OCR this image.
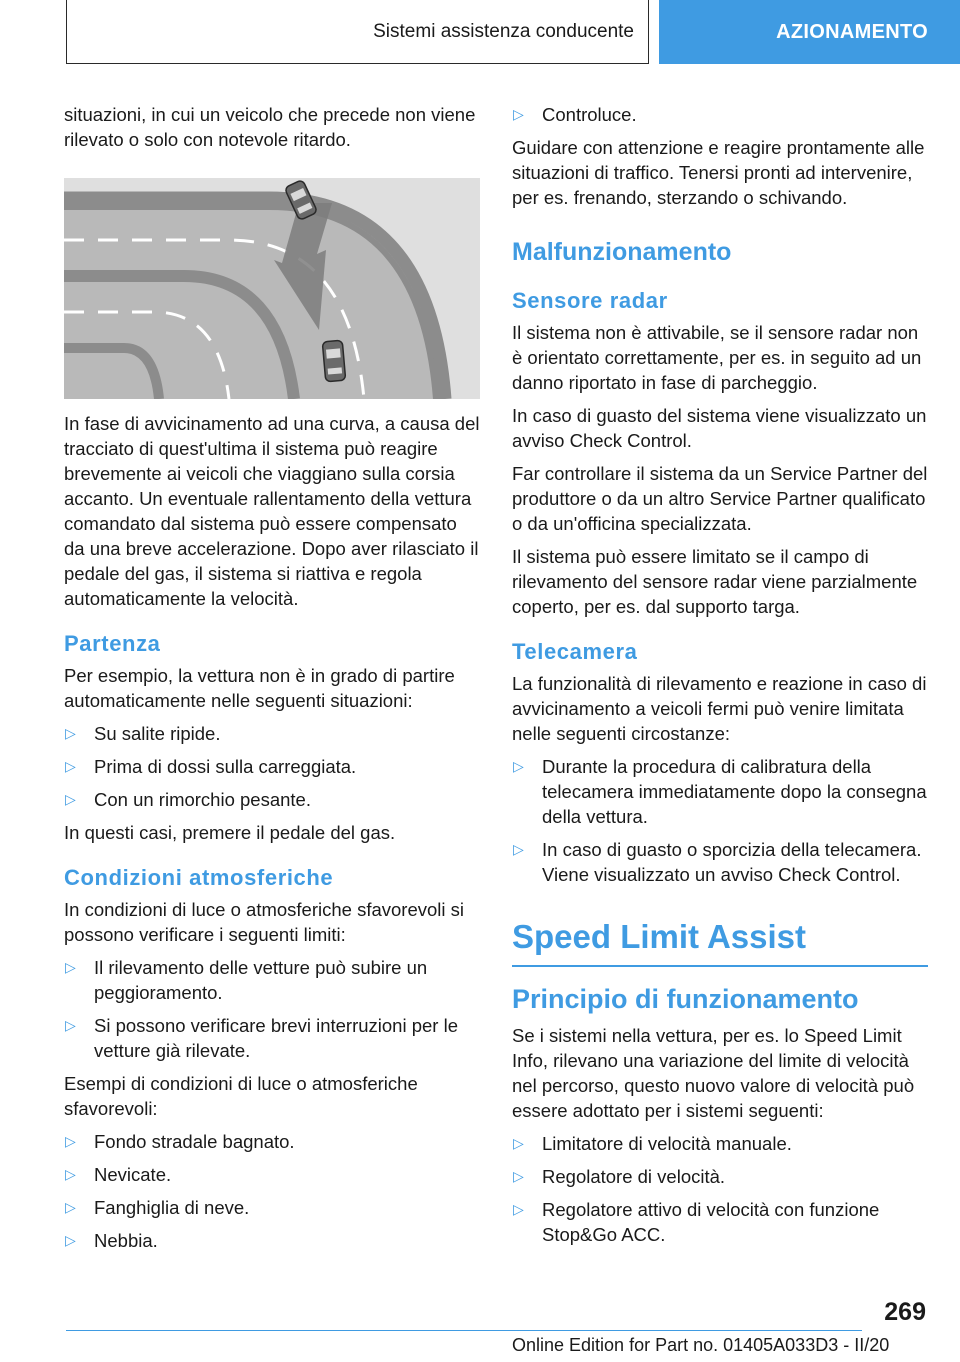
Sistemi assistenza conducente	AZIONAMENTO

situazioni, in cui un veicolo che precede non viene rilevato o solo con notevole ritardo.

In fase di avvicinamento ad una curva, a causa del tracciato di quest'ultima il sistema può reagire brevemente ai veicoli che viaggiano sulla corsia accanto. Un eventuale rallentamento della vettura comandato dal sistema può essere compensato da una breve accelerazione. Dopo aver rilasciato il pedale del gas, il sistema si riattiva e regola automaticamente la velocità.

Partenza

Per esempio, la vettura non è in grado di partire automaticamente nelle seguenti situazioni:

▷ Su salite ripide.
▷ Prima di dossi sulla carreggiata.
▷ Con un rimorchio pesante.

In questi casi, premere il pedale del gas.

Condizioni atmosferiche

In condizioni di luce o atmosferiche sfavorevoli si possono verificare i seguenti limiti:

▷ Il rilevamento delle vetture può subire un peggioramento.
▷ Si possono verificare brevi interruzioni per le vetture già rilevate.

Esempi di condizioni di luce o atmosferiche sfavorevoli:

▷ Fondo stradale bagnato.
▷ Nevicate.
▷ Fanghiglia di neve.
▷ Nebbia.
▷ Controluce.

Guidare con attenzione e reagire prontamente alle situazioni di traffico. Tenersi pronti ad intervenire, per es. frenando, sterzando o schivando.

Malfunzionamento
Sensore radar

Il sistema non è attivabile, se il sensore radar non è orientato correttamente, per es. in seguito ad un danno riportato in fase di parcheggio.

In caso di guasto del sistema viene visualizzato un avviso Check Control.

Far controllare il sistema da un Service Partner del produttore o da un altro Service Partner qualificato o da un'officina specializzata.

Il sistema può essere limitato se il campo di rilevamento del sensore radar viene parzialmente coperto, per es. dal supporto targa.

Telecamera

La funzionalità di rilevamento e reazione in caso di avvicinamento a veicoli fermi può venire limitata nelle seguenti circostanze:

▷ Durante la procedura di calibratura della telecamera immediatamente dopo la consegna della vettura.
▷ In caso di guasto o sporcizia della telecamera. Viene visualizzato un avviso Check Control.
Speed Limit Assist
Principio di funzionamento

Se i sistemi nella vettura, per es. lo Speed Limit Info, rilevano una variazione del limite di velocità nel percorso, questo nuovo valore di velocità può essere adottato per i sistemi seguenti:

▷ Limitatore di velocità manuale.
▷ Regolatore di velocità.
▷ Regolatore attivo di velocità con funzione Stop&Go ACC.
269
Online Edition for Part no. 01405A033D3 - II/20
